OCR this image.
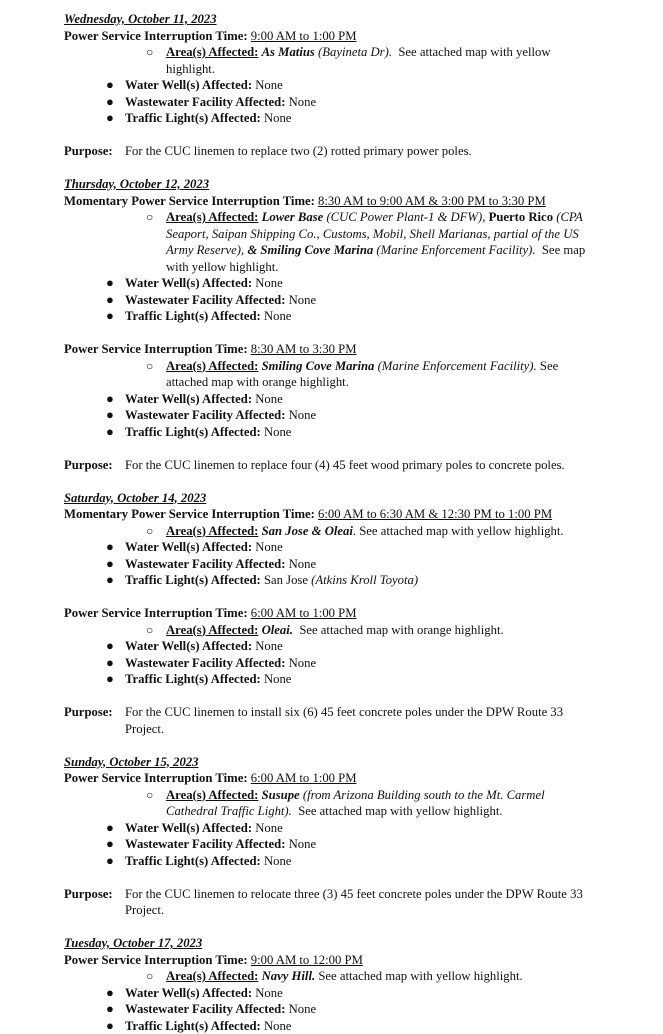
Wednesday, October 11, 2023
Power Service Interruption Time: 9:00 AM to 1:00 PM
○ Area(s) Affected: As Matius (Bayineta Dr). See attached map with yellow highlight.
● Water Well(s) Affected: None
● Wastewater Facility Affected: None
● Traffic Light(s) Affected: None
Purpose: For the CUC linemen to replace two (2) rotted primary power poles.
Thursday, October 12, 2023
Momentary Power Service Interruption Time: 8:30 AM to 9:00 AM & 3:00 PM to 3:30 PM
○ Area(s) Affected: Lower Base (CUC Power Plant-1 & DFW), Puerto Rico (CPA Seaport, Saipan Shipping Co., Customs, Mobil, Shell Marianas, partial of the US Army Reserve), & Smiling Cove Marina (Marine Enforcement Facility). See map with yellow highlight.
● Water Well(s) Affected: None
● Wastewater Facility Affected: None
● Traffic Light(s) Affected: None
Power Service Interruption Time: 8:30 AM to 3:30 PM
○ Area(s) Affected: Smiling Cove Marina (Marine Enforcement Facility). See attached map with orange highlight.
● Water Well(s) Affected: None
● Wastewater Facility Affected: None
● Traffic Light(s) Affected: None
Purpose: For the CUC linemen to replace four (4) 45 feet wood primary poles to concrete poles.
Saturday, October 14, 2023
Momentary Power Service Interruption Time: 6:00 AM to 6:30 AM & 12:30 PM to 1:00 PM
○ Area(s) Affected: San Jose & Oleai. See attached map with yellow highlight.
● Water Well(s) Affected: None
● Wastewater Facility Affected: None
● Traffic Light(s) Affected: San Jose (Atkins Kroll Toyota)
Power Service Interruption Time: 6:00 AM to 1:00 PM
○ Area(s) Affected: Oleai. See attached map with orange highlight.
● Water Well(s) Affected: None
● Wastewater Facility Affected: None
● Traffic Light(s) Affected: None
Purpose: For the CUC linemen to install six (6) 45 feet concrete poles under the DPW Route 33 Project.
Sunday, October 15, 2023
Power Service Interruption Time: 6:00 AM to 1:00 PM
○ Area(s) Affected: Susupe (from Arizona Building south to the Mt. Carmel Cathedral Traffic Light). See attached map with yellow highlight.
● Water Well(s) Affected: None
● Wastewater Facility Affected: None
● Traffic Light(s) Affected: None
Purpose: For the CUC linemen to relocate three (3) 45 feet concrete poles under the DPW Route 33 Project.
Tuesday, October 17, 2023
Power Service Interruption Time: 9:00 AM to 12:00 PM
○ Area(s) Affected: Navy Hill. See attached map with yellow highlight.
● Water Well(s) Affected: None
● Wastewater Facility Affected: None
● Traffic Light(s) Affected: None
